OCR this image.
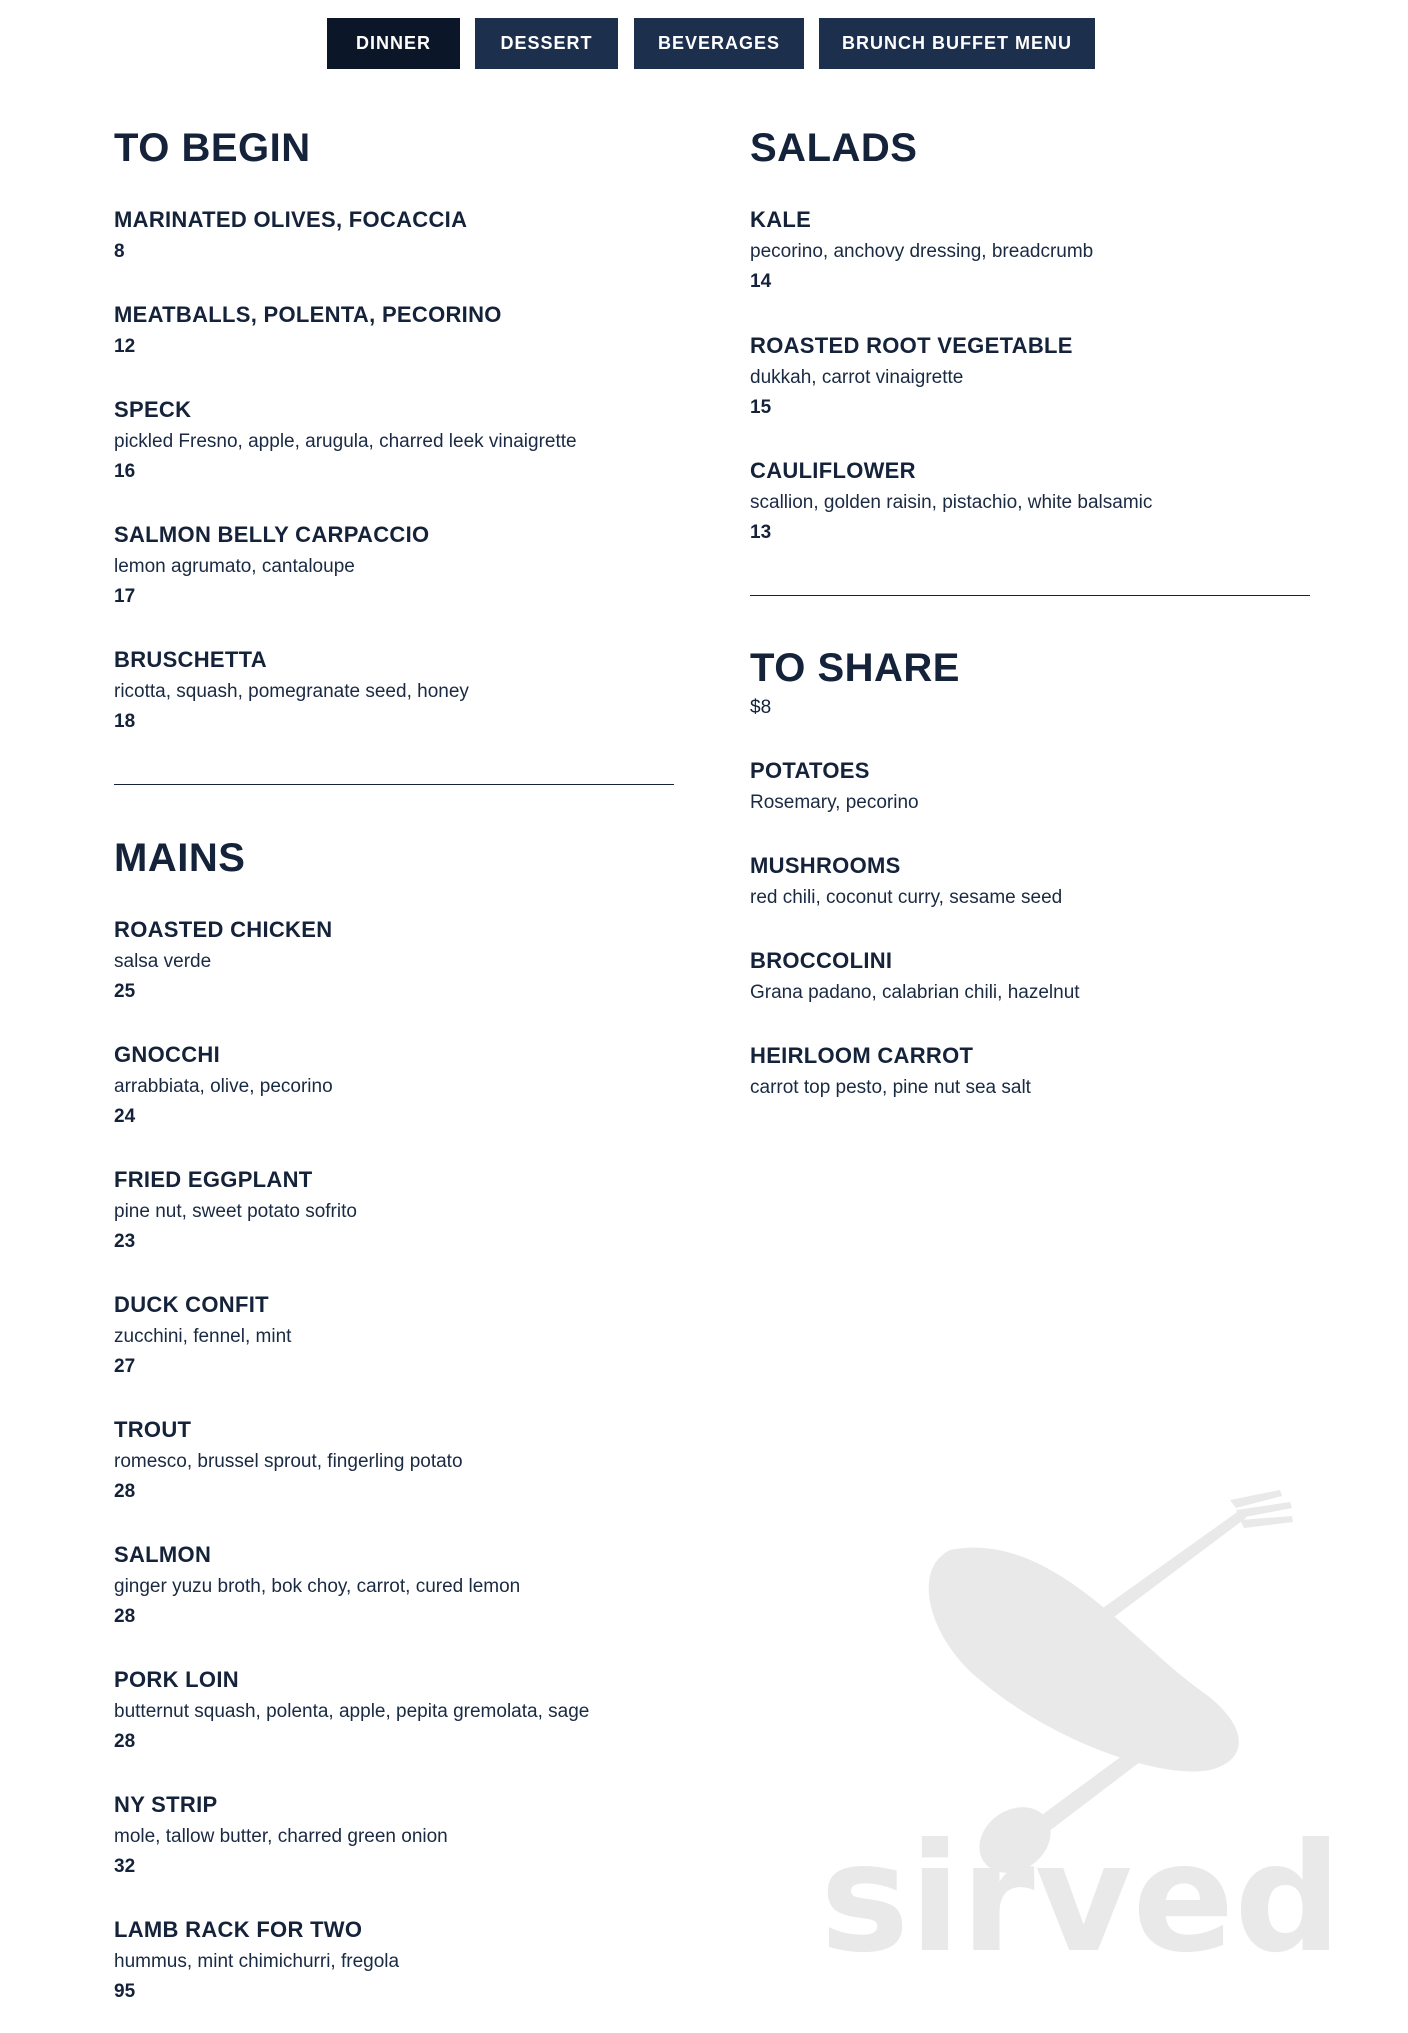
DINNER	DESSERT	BEVERAGES	BRUNCH BUFFET MENU
TO BEGIN
MARINATED OLIVES, FOCACCIA
8
MEATBALLS, POLENTA, PECORINO
12
SPECK
pickled Fresno, apple, arugula, charred leek vinaigrette
16
SALMON BELLY CARPACCIO
lemon agrumato, cantaloupe
17
BRUSCHETTA
ricotta, squash, pomegranate seed, honey
18
MAINS
ROASTED CHICKEN
salsa verde
25
GNOCCHI
arrabbiata, olive, pecorino
24
FRIED EGGPLANT
pine nut, sweet potato sofrito
23
DUCK CONFIT
zucchini, fennel, mint
27
TROUT
romesco, brussel sprout, fingerling potato
28
SALMON
ginger yuzu broth, bok choy, carrot, cured lemon
28
PORK LOIN
butternut squash, polenta, apple, pepita gremolata, sage
28
NY STRIP
mole, tallow butter, charred green onion
32
LAMB RACK FOR TWO
hummus, mint chimichurri, fregola
95
SALADS
KALE
pecorino, anchovy dressing, breadcrumb
14
ROASTED ROOT VEGETABLE
dukkah, carrot vinaigrette
15
CAULIFLOWER
scallion, golden raisin, pistachio, white balsamic
13
TO SHARE
$8
POTATOES
Rosemary, pecorino
MUSHROOMS
red chili, coconut curry, sesame seed
BROCCOLINI
Grana padano, calabrian chili, hazelnut
HEIRLOOM CARROT
carrot top pesto, pine nut sea salt
sirved
